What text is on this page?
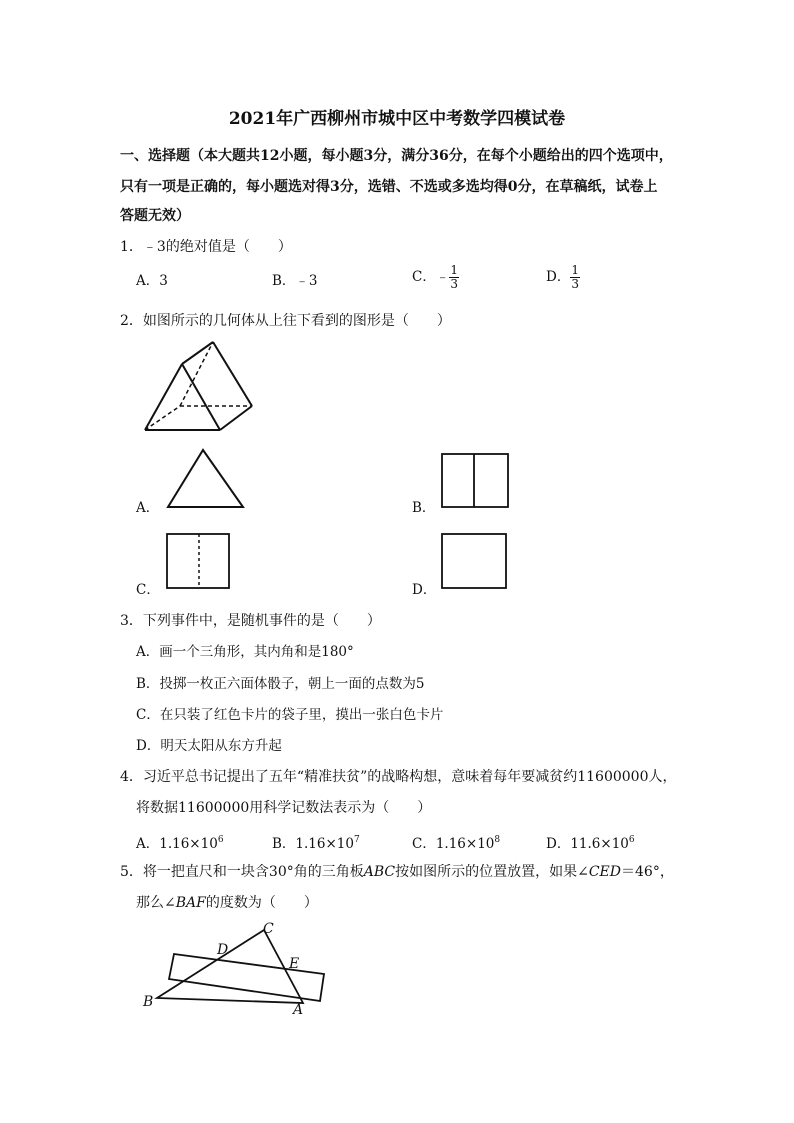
2021年广西柳州市城中区中考数学四模试卷
一、选择题（本大题共12小题，每小题3分，满分36分，在每个小题给出的四个选项中，
只有一项是正确的，每小题选对得3分，选错、不选或多选均得0分，在草稿纸，试卷上
答题无效）
1．﹣3的绝对值是（　　）
A．3	B．﹣3	C．﹣ $\frac{1}{3}$	D． $\frac{1}{3}$
2．如图所示的几何体从上往下看到的图形是（　　）
A．	B．
C．	D．
3．下列事件中，是随机事件的是（　　）
A．画一个三角形，其内角和是180°
B．投掷一枚正六面体骰子，朝上一面的点数为5
C．在只装了红色卡片的袋子里，摸出一张白色卡片
D．明天太阳从东方升起
4．习近平总书记提出了五年“精准扶贫”的战略构想，意味着每年要减贫约11600000人，
将数据11600000用科学记数法表示为（　　）
A．$1.16\times 10^6$	B．$1.16\times 10^7$	C．$1.16\times 10^8$	D．$11.6\times 10^6$
5．将一把直尺和一块含30°角的三角板ABC按如图所示的位置放置，如果∠CED＝46°，
那么∠BAF的度数为（　　）
B
C
D
E
A
